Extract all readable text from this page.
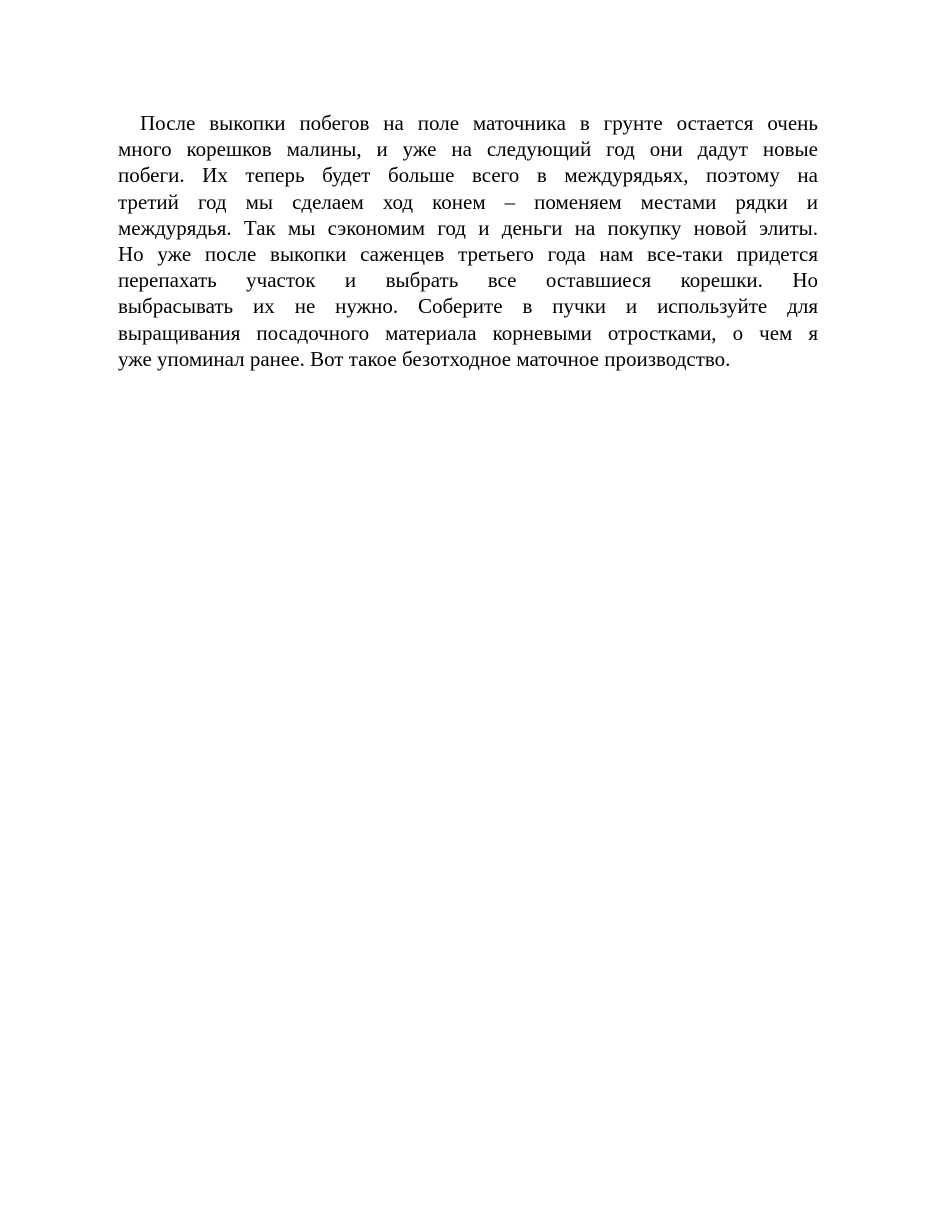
После выкопки побегов на поле маточника в грунте остается очень
много корешков малины, и уже на следующий год они дадут новые
побеги. Их теперь будет больше всего в междурядьях, поэтому на
третий год мы сделаем ход конем – поменяем местами рядки и
междурядья. Так мы сэкономим год и деньги на покупку новой элиты.
Но уже после выкопки саженцев третьего года нам все-таки придется
перепахать участок и выбрать все оставшиеся корешки. Но
выбрасывать их не нужно. Соберите в пучки и используйте для
выращивания посадочного материала корневыми отростками, о чем я
уже упоминал ранее. Вот такое безотходное маточное производство.
